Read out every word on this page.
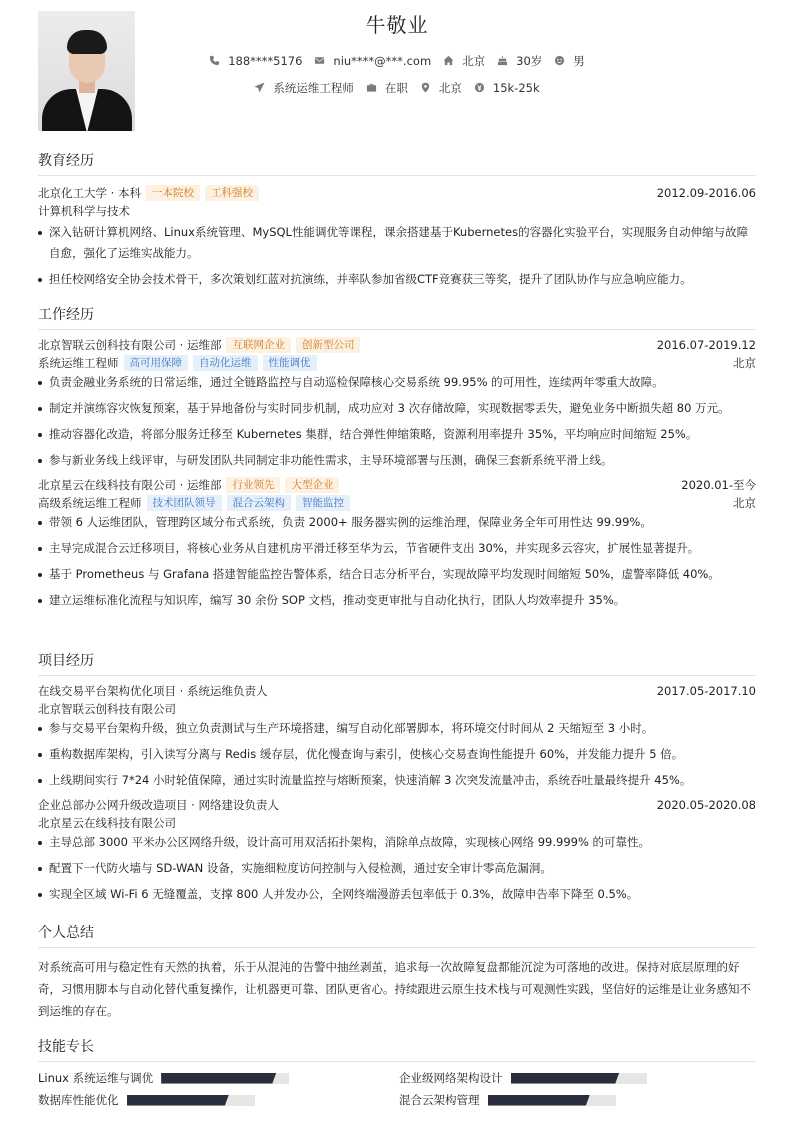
牛敬业
188****5176	niu****@***.com	北京	30岁	男
系统运维工程师	在职	北京	15k-25k
教育经历
北京化工大学 · 本科	一本院校	工科强校	2012.09-2016.06
计算机科学与技术
深入钻研计算机网络、Linux系统管理、MySQL性能调优等课程，课余搭建基于Kubernetes的容器化实验平台，实现服务自动伸缩与故障自愈，强化了运维实战能力。
担任校网络安全协会技术骨干，多次策划红蓝对抗演练，并率队参加省级CTF竞赛获三等奖，提升了团队协作与应急响应能力。
工作经历
北京智联云创科技有限公司 · 运维部	互联网企业	创新型公司	2016.07-2019.12
系统运维工程师	高可用保障	自动化运维	性能调优	北京
负责金融业务系统的日常运维，通过全链路监控与自动巡检保障核心交易系统 99.95% 的可用性，连续两年零重大故障。
制定并演练容灾恢复预案，基于异地备份与实时同步机制，成功应对 3 次存储故障，实现数据零丢失，避免业务中断损失超 80 万元。
推动容器化改造，将部分服务迁移至 Kubernetes 集群，结合弹性伸缩策略，资源利用率提升 35%，平均响应时间缩短 25%。
参与新业务线上线评审，与研发团队共同制定非功能性需求，主导环境部署与压测，确保三套新系统平滑上线。
北京星云在线科技有限公司 · 运维部	行业领先	大型企业	2020.01-至今
高级系统运维工程师	技术团队领导	混合云架构	智能监控	北京
带领 6 人运维团队，管理跨区域分布式系统，负责 2000+ 服务器实例的运维治理，保障业务全年可用性达 99.99%。
主导完成混合云迁移项目，将核心业务从自建机房平滑迁移至华为云，节省硬件支出 30%，并实现多云容灾，扩展性显著提升。
基于 Prometheus 与 Grafana 搭建智能监控告警体系，结合日志分析平台，实现故障平均发现时间缩短 50%，虚警率降低 40%。
建立运维标准化流程与知识库，编写 30 余份 SOP 文档，推动变更审批与自动化执行，团队人均效率提升 35%。
项目经历
在线交易平台架构优化项目 · 系统运维负责人	2017.05-2017.10
北京智联云创科技有限公司
参与交易平台架构升级，独立负责测试与生产环境搭建，编写自动化部署脚本，将环境交付时间从 2 天缩短至 3 小时。
重构数据库架构，引入读写分离与 Redis 缓存层，优化慢查询与索引，使核心交易查询性能提升 60%，并发能力提升 5 倍。
上线期间实行 7*24 小时轮值保障，通过实时流量监控与熔断预案，快速消解 3 次突发流量冲击，系统吞吐量最终提升 45%。
企业总部办公网升级改造项目 · 网络建设负责人	2020.05-2020.08
北京星云在线科技有限公司
主导总部 3000 平米办公区网络升级，设计高可用双活拓扑架构，消除单点故障，实现核心网络 99.999% 的可靠性。
配置下一代防火墙与 SD-WAN 设备，实施细粒度访问控制与入侵检测，通过安全审计零高危漏洞。
实现全区域 Wi-Fi 6 无缝覆盖，支撑 800 人并发办公，全网终端漫游丢包率低于 0.3%，故障申告率下降至 0.5%。
个人总结
对系统高可用与稳定性有天然的执着，乐于从混沌的告警中抽丝剥茧，追求每一次故障复盘都能沉淀为可落地的改进。保持对底层原理的好奇，习惯用脚本与自动化替代重复操作，让机器更可靠、团队更省心。持续跟进云原生技术栈与可观测性实践，坚信好的运维是让业务感知不到运维的存在。
技能专长
Linux 系统运维与调优	企业级网络架构设计
数据库性能优化	混合云架构管理
